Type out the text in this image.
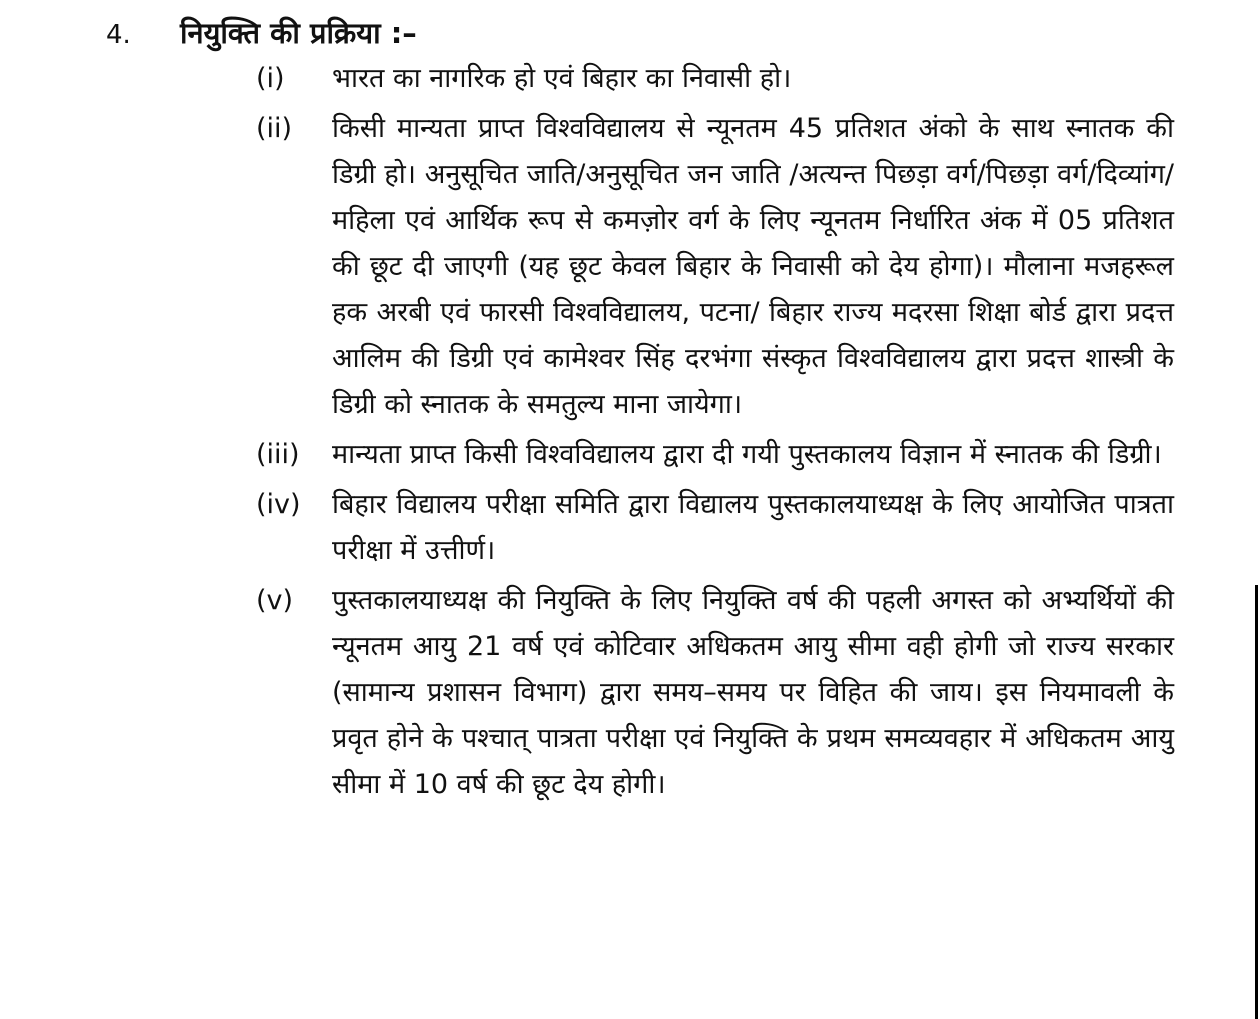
4. नियुक्ति की प्रक्रिया :–
(i)	भारत का नागरिक हो एवं बिहार का निवासी हो।
(ii)	किसी मान्यता प्राप्त विश्वविद्यालय से न्यूनतम 45 प्रतिशत अंको के साथ स्नातक की डिग्री हो। अनुसूचित जाति/अनुसूचित जन जाति /अत्यन्त पिछड़ा वर्ग/पिछड़ा वर्ग/दिव्यांग/महिला एवं आर्थिक रूप से कमज़ोर वर्ग के लिए न्यूनतम निर्धारित अंक में 05 प्रतिशत की छूट दी जाएगी (यह छूट केवल बिहार के निवासी को देय होगा)। मौलाना मजहरूल हक अरबी एवं फारसी विश्वविद्यालय, पटना/ बिहार राज्य मदरसा शिक्षा बोर्ड द्वारा प्रदत्त आलिम की डिग्री एवं कामेश्वर सिंह दरभंगा संस्कृत विश्वविद्यालय द्वारा प्रदत्त शास्त्री के डिग्री को स्नातक के समतुल्य माना जायेगा।
(iii)	मान्यता प्राप्त किसी विश्वविद्यालय द्वारा दी गयी पुस्तकालय विज्ञान में स्नातक की डिग्री।
(iv)	बिहार विद्यालय परीक्षा समिति द्वारा विद्यालय पुस्तकालयाध्यक्ष के लिए आयोजित पात्रता परीक्षा में उत्तीर्ण।
(v)	पुस्तकालयाध्यक्ष की नियुक्ति के लिए नियुक्ति वर्ष की पहली अगस्त को अभ्यर्थियों की न्यूनतम आयु 21 वर्ष एवं कोटिवार अधिकतम आयु सीमा वही होगी जो राज्य सरकार (सामान्य प्रशासन विभाग) द्वारा समय–समय पर विहित की जाय। इस नियमावली के प्रवृत होने के पश्चात् पात्रता परीक्षा एवं नियुक्ति के प्रथम समव्यवहार में अधिकतम आयु सीमा में 10 वर्ष की छूट देय होगी।
